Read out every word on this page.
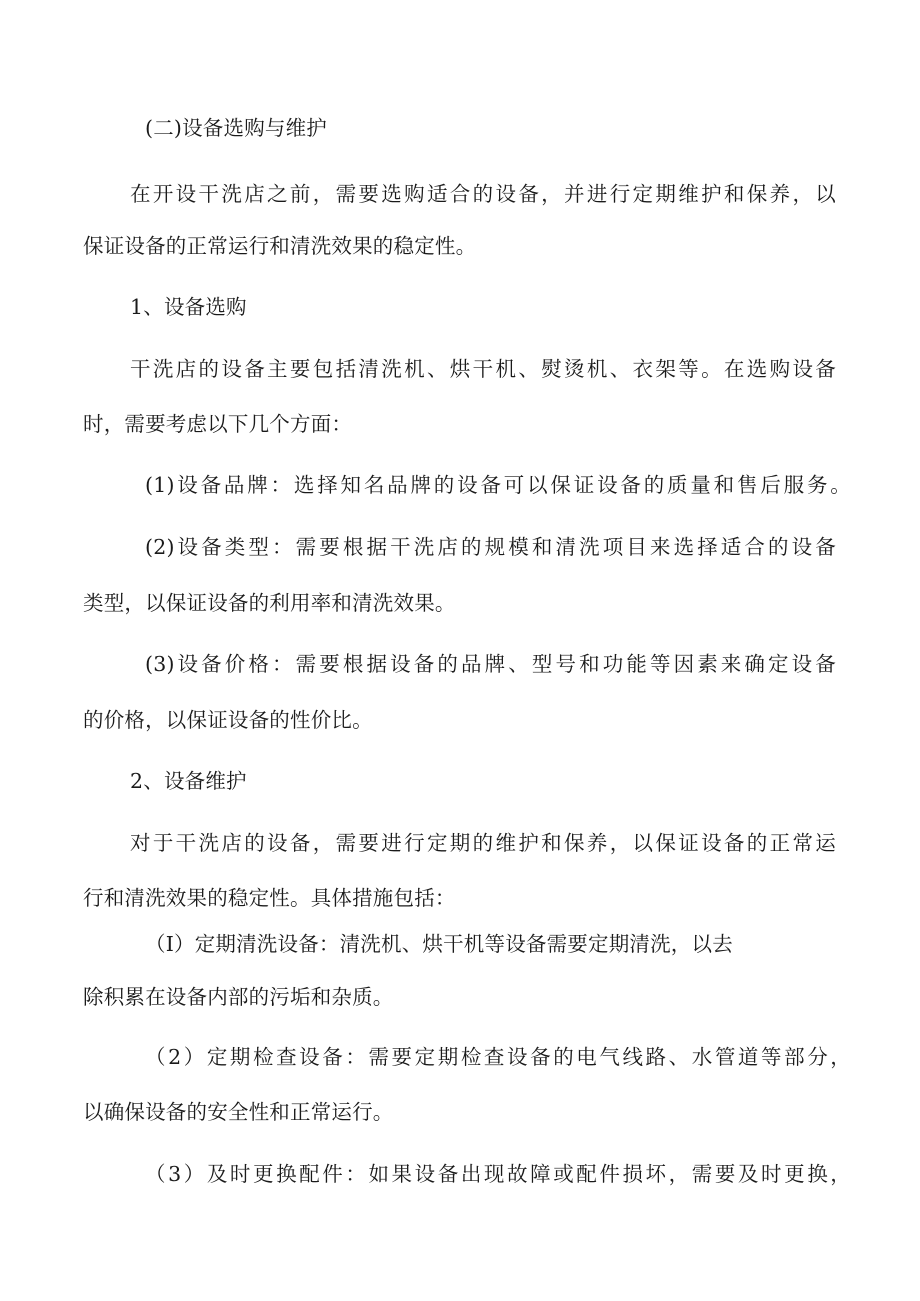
(二)设备选购与维护
在开设干洗店之前，需要选购适合的设备，并进行定期维护和保养，以
保证设备的正常运行和清洗效果的稳定性。
1、设备选购
干洗店的设备主要包括清洗机、烘干机、熨烫机、衣架等。在选购设备
时，需要考虑以下几个方面：
(1)设备品牌：选择知名品牌的设备可以保证设备的质量和售后服务。
(2)设备类型：需要根据干洗店的规模和清洗项目来选择适合的设备
类型，以保证设备的利用率和清洗效果。
(3)设备价格：需要根据设备的品牌、型号和功能等因素来确定设备
的价格，以保证设备的性价比。
2、设备维护
对于干洗店的设备，需要进行定期的维护和保养，以保证设备的正常运
行和清洗效果的稳定性。具体措施包括：
（I）定期清洗设备：清洗机、烘干机等设备需要定期清洗，以去
除积累在设备内部的污垢和杂质。
（2）定期检查设备：需要定期检查设备的电气线路、水管道等部分，
以确保设备的安全性和正常运行。
（3）及时更换配件：如果设备出现故障或配件损坏，需要及时更换，
